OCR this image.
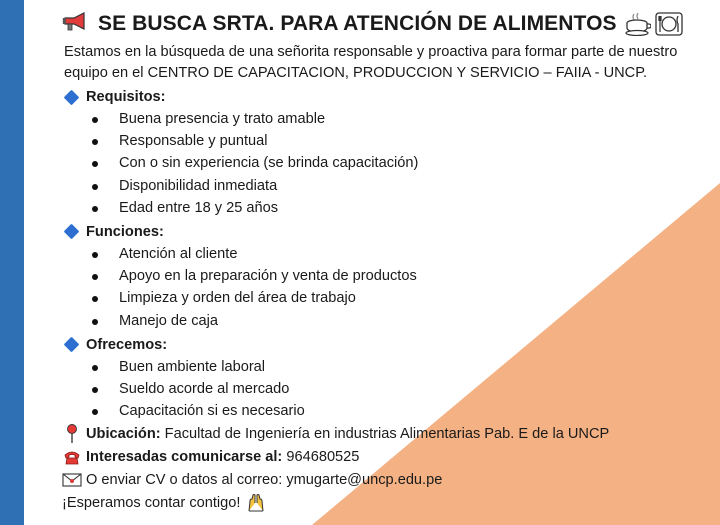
SE BUSCA SRTA. PARA ATENCIÓN DE ALIMENTOS
Estamos en la búsqueda de una señorita responsable y proactiva para formar parte de nuestro equipo en el CENTRO DE CAPACITACION, PRODUCCION Y SERVICIO – FAIIA - UNCP.
Requisitos:
Buena presencia y trato amable
Responsable y puntual
Con o sin experiencia (se brinda capacitación)
Disponibilidad inmediata
Edad entre 18 y 25 años
Funciones:
Atención al cliente
Apoyo en la preparación y venta de productos
Limpieza y orden del área de trabajo
Manejo de caja
Ofrecemos:
Buen ambiente laboral
Sueldo acorde al mercado
Capacitación si es necesario
Ubicación:
Facultad de Ingeniería en industrias Alimentarias Pab. E de la UNCP
Interesadas comunicarse al:
964680525
O enviar CV o datos al correo: ymugarte@uncp.edu.pe
¡Esperamos contar contigo!
